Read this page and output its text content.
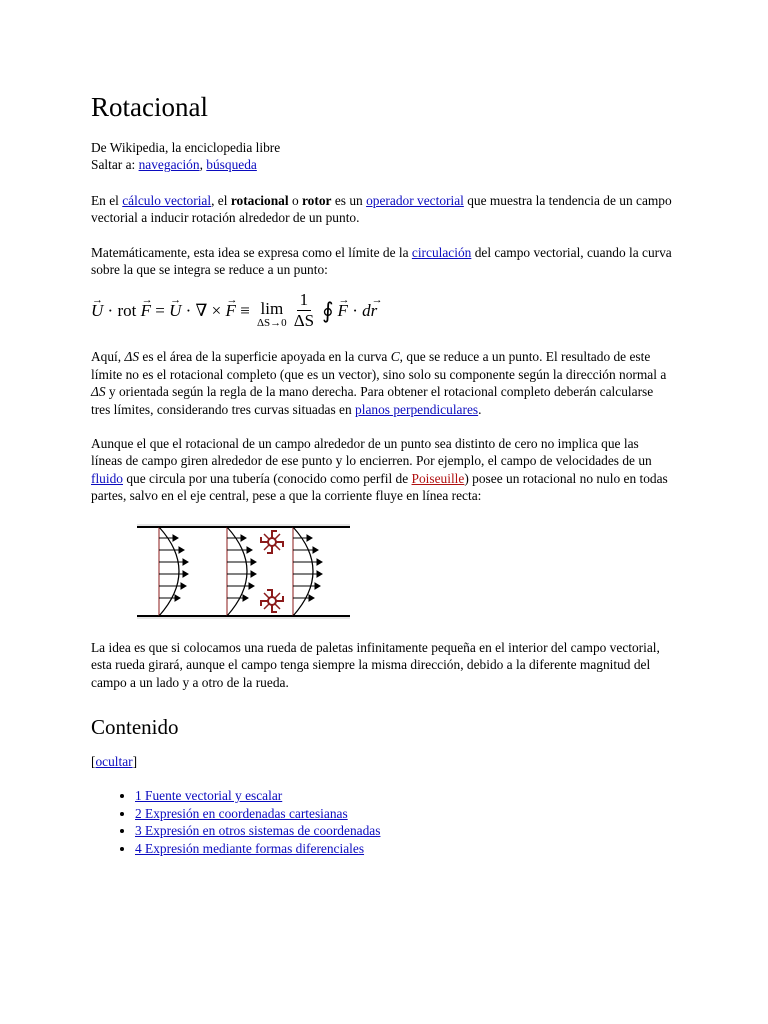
Rotacional

De Wikipedia, la enciclopedia libre

Saltar a: navegación, búsqueda

En el cálculo vectorial, el rotacional o rotor es un operador vectorial que muestra la tendencia de un campo vectorial a inducir rotación alrededor de un punto.

Matemáticamente, esta idea se expresa como el límite de la circulación del campo vectorial, cuando la curva sobre la que se integra se reduce a un punto:

→ U · rot → F = → U · ∇ × → F ≡ lim
$\Delta S\to 0 \frac{1}{\Delta S}$ ∮ → F · d → r

Aquí, ΔS es el área de la superficie apoyada en la curva C, que se reduce a un punto. El resultado de este límite no es el rotacional completo (que es un vector), sino solo su componente según la dirección normal a ΔS y orientada según la regla de la mano derecha. Para obtener el rotacional completo deberán calcularse tres límites, considerando tres curvas situadas en planos perpendiculares.

Aunque el que el rotacional de un campo alrededor de un punto sea distinto de cero no implica que las líneas de campo giren alrededor de ese punto y lo encierren. Por ejemplo, el campo de velocidades de un fluido que circula por una tubería (conocido como perfil de Poiseuille) posee un rotacional no nulo en todas partes, salvo en el eje central, pese a que la corriente fluye en línea recta:

La idea es que si colocamos una rueda de paletas infinitamente pequeña en el interior del campo vectorial, esta rueda girará, aunque el campo tenga siempre la misma dirección, debido a la diferente magnitud del campo a un lado y a otro de la rueda.

Contenido

[ocultar]

• 1 Fuente vectorial y escalar
• 2 Expresión en coordenadas cartesianas
• 3 Expresión en otros sistemas de coordenadas
• 4 Expresión mediante formas diferenciales
